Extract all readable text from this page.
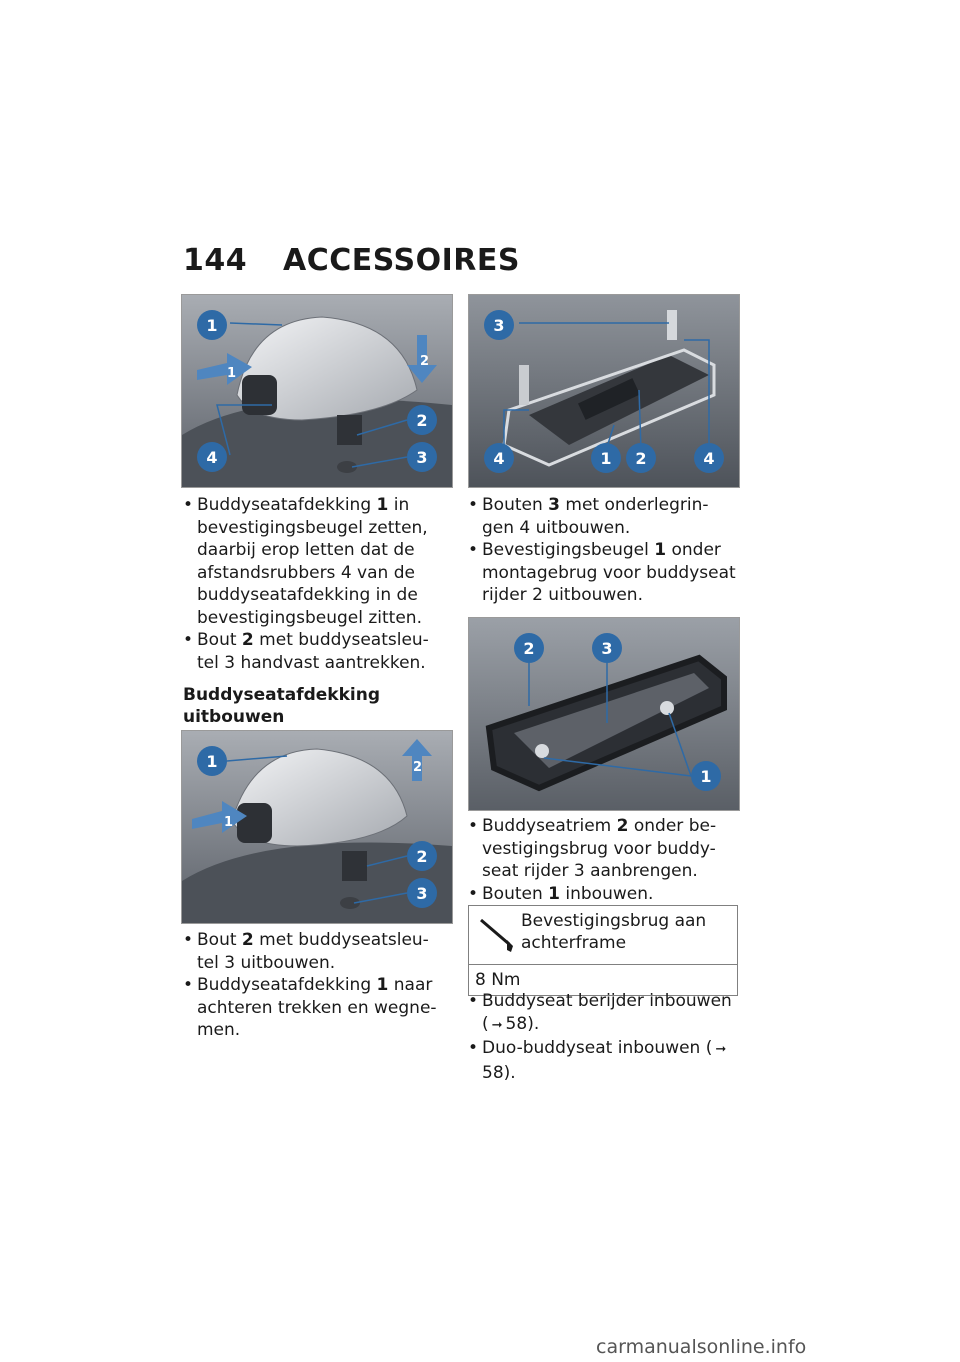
144 ACCESSOIRES
1
2
3
4
1
2
3
4	1 2	4
• Buddyseatafdekking 1 in bevestigingsbeugel zetten, daarbij erop letten dat de afstandsrubbers 4 van de buddyseatafdekking in de bevestigingsbeugel zitten.
• Bout 2 met buddyseatsleu-tel 3 handvast aantrekken.
Buddyseatafdekking uitbouwen
1
2
3
1
2
• Bout 2 met buddyseatsleu-tel 3 uitbouwen.
• Buddyseatafdekking 1 naar achteren trekken en wegne-men.
• Bouten 3 met onderlegrin-gen 4 uitbouwen.
• Bevestigingsbeugel 1 onder montagebrug voor buddyseat rijder 2 uitbouwen.
2	3
1
• Buddyseatriem 2 onder be-vestigingsbrug voor buddy-seat rijder 3 aanbrengen.
• Bouten 1 inbouwen.
Bevestigingsbrug aan achterframe
8 Nm
• Buddyseat berijder inbouwen ( ➞ 58).
• Duo-buddyseat inbouwen ( ➞58).
carmanualsonline.info
